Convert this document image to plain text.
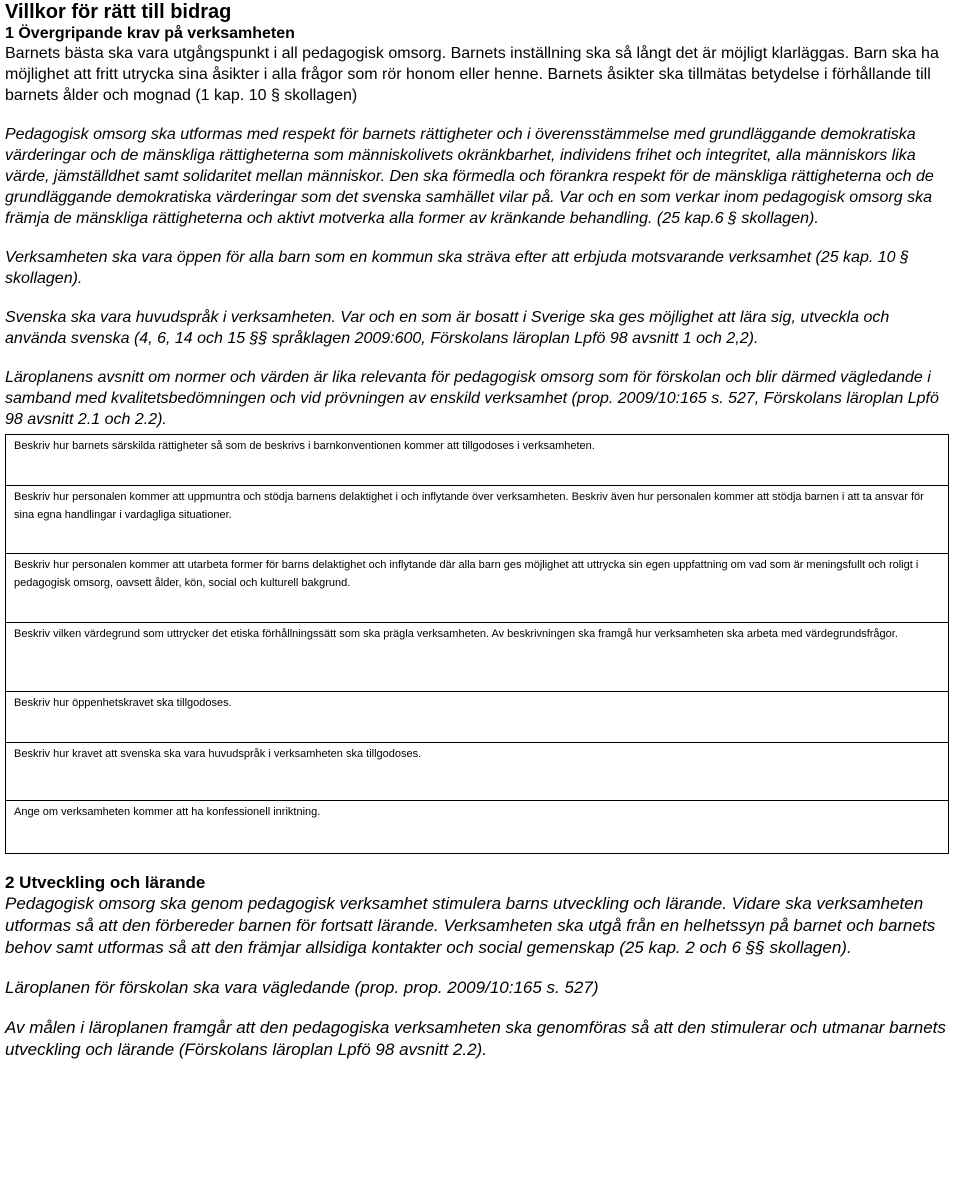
Villkor för rätt till bidrag
1 Övergripande krav på verksamheten

Barnets bästa ska vara utgångspunkt i all pedagogisk omsorg. Barnets inställning ska så långt det är möjligt klarläggas. Barn ska ha möjlighet att fritt utrycka sina åsikter i alla frågor som rör honom eller henne. Barnets åsikter ska tillmätas betydelse i förhållande till barnets ålder och mognad (1 kap. 10 § skollagen)

Pedagogisk omsorg ska utformas med respekt för barnets rättigheter och i överensstämmelse med grundläggande demokratiska värderingar och de mänskliga rättigheterna som människolivets okränkbarhet, individens frihet och integritet, alla människors lika värde, jämställdhet samt solidaritet mellan människor. Den ska förmedla och förankra respekt för de mänskliga rättigheterna och de grundläggande demokratiska värderingar som det svenska samhället vilar på. Var och en som verkar inom pedagogisk omsorg ska främja de mänskliga rättigheterna och aktivt motverka alla former av kränkande behandling. (25 kap.6 § skollagen).

Verksamheten ska vara öppen för alla barn som en kommun ska sträva efter att erbjuda motsvarande verksamhet (25 kap. 10 § skollagen).

Svenska ska vara huvudspråk i verksamheten. Var och en som är bosatt i Sverige ska ges möjlighet att lära sig, utveckla och använda svenska (4, 6, 14 och 15 §§ språklagen 2009:600, Förskolans läroplan Lpfö 98 avsnitt 1 och 2,2).

Läroplanens avsnitt om normer och värden är lika relevanta för pedagogisk omsorg som för förskolan och blir därmed vägledande i samband med kvalitetsbedömningen och vid prövningen av enskild verksamhet (prop. 2009/10:165 s. 527, Förskolans läroplan Lpfö 98 avsnitt 2.1 och 2.2).

Beskriv hur barnets särskilda rättigheter så som de beskrivs i barnkonventionen kommer att tillgodoses i verksamheten.
Beskriv hur personalen kommer att uppmuntra och stödja barnens delaktighet i och inflytande över verksamheten. Beskriv även hur personalen kommer att stödja barnen i att ta ansvar för sina egna handlingar i vardagliga situationer.
Beskriv hur personalen kommer att utarbeta former för barns delaktighet och inflytande där alla barn ges möjlighet att uttrycka sin egen uppfattning om vad som är meningsfullt och roligt i pedagogisk omsorg, oavsett ålder, kön, social och kulturell bakgrund.
Beskriv vilken värdegrund som uttrycker det etiska förhållningssätt som ska prägla verksamheten. Av beskrivningen ska framgå hur verksamheten ska arbeta med värdegrundsfrågor.
Beskriv hur öppenhetskravet ska tillgodoses.
Beskriv hur kravet att svenska ska vara huvudspråk i verksamheten ska tillgodoses.
Ange om verksamheten kommer att ha konfessionell inriktning.
2 Utveckling och lärande

Pedagogisk omsorg ska genom pedagogisk verksamhet stimulera barns utveckling och lärande. Vidare ska verksamheten utformas så att den förbereder barnen för fortsatt lärande. Verksamheten ska utgå från en helhetssyn på barnet och barnets behov samt utformas så att den främjar allsidiga kontakter och social gemenskap (25 kap. 2 och 6 §§ skollagen).

Läroplanen för förskolan ska vara vägledande (prop. prop. 2009/10:165 s. 527)

Av målen i läroplanen framgår att den pedagogiska verksamheten ska genomföras så att den stimulerar och utmanar barnets utveckling och lärande (Förskolans läroplan Lpfö 98 avsnitt 2.2).
